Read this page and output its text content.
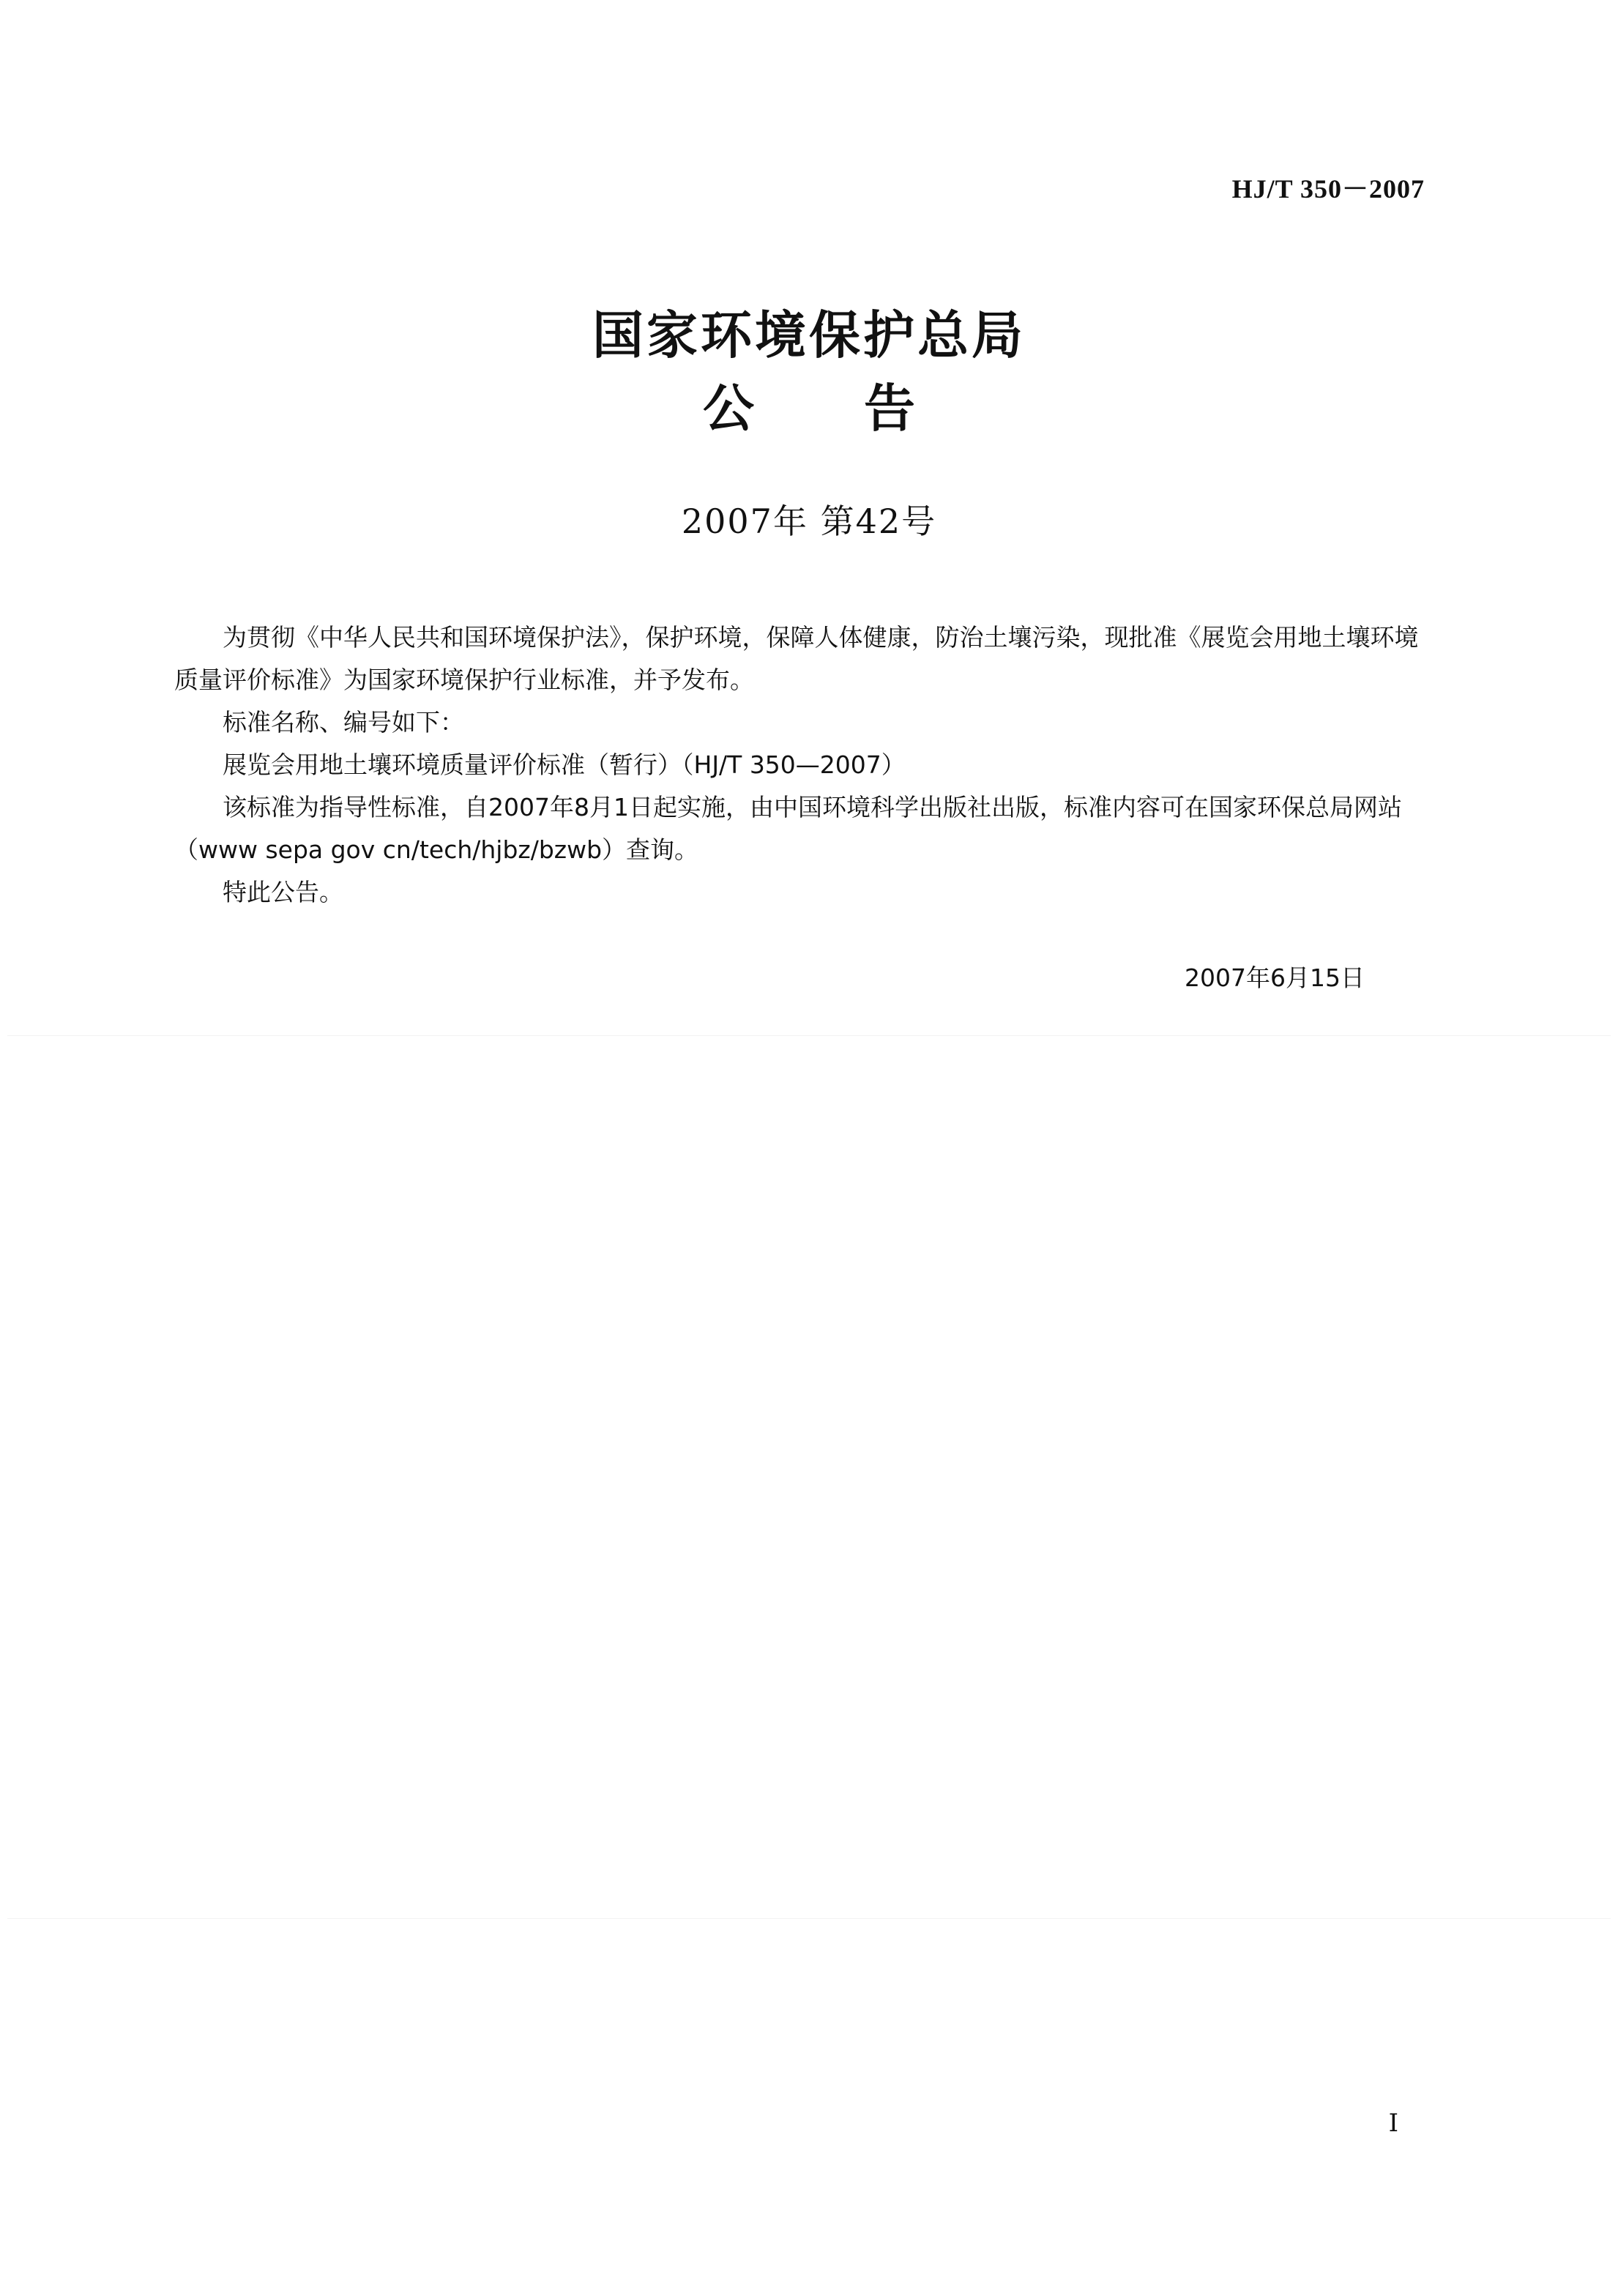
HJ/T 350－2007
国家环境保护总局
公告
2007年 第42号

为贯彻《中华人民共和国环境保护法》，保护环境，保障人体健康，防治土壤污染，现批准《展览会用地土壤环境质量评价标准》为国家环境保护行业标准，并予发布。

标准名称、编号如下：

展览会用地土壤环境质量评价标准（暂行）（HJ/T 350—2007）

该标准为指导性标准，自2007年8月1日起实施，由中国环境科学出版社出版，标准内容可在国家环保总局网站（www sepa gov cn/tech/hjbz/bzwb）查询。

特此公告。

2007年6月15日
Ⅰ
